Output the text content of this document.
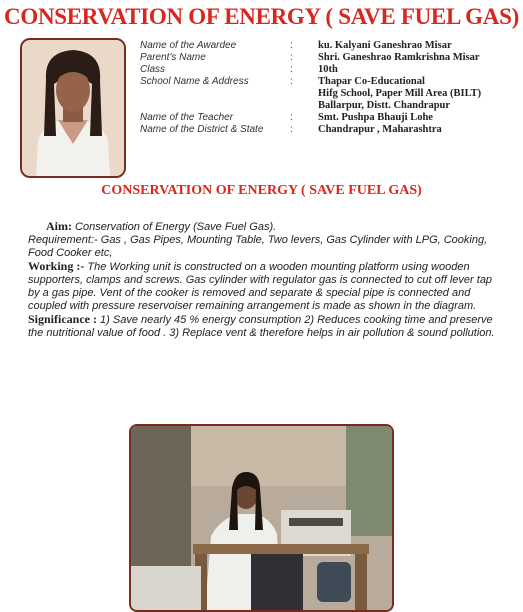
CONSERVATION OF ENERGY ( SAVE FUEL GAS)
Name of the Awardee	: ku. Kalyani Ganeshrao Misar
Parent's Name	: Shri. Ganeshrao Ramkrishna Misar
Class	: 10th
School Name & Address	: Thapar Co-Educational
Hifg School, Paper Mill Area (BILT)
Ballarpur, Distt. Chandrapur
Name of the Teacher	: Smt. Pushpa Bhauji Lohe
Name of the District & State	: Chandrapur , Maharashtra
CONSERVATION OF ENERGY ( SAVE FUEL GAS)

Aim: Conservation of Energy (Save Fuel Gas).

Requirement:- Gas , Gas Pipes, Mounting Table, Two levers, Gas Cylinder with LPG, Cooking, Food Cooker etc,

Working :- The Working unit is constructed on a wooden mounting platform using wooden supporters, clamps and screws. Gas cylinder with regulator gas is connected to cut off lever tap by a gas pipe. Vent of the cooker is removed and separate & special pipe is connected and coupled with pressure reservoiser remaining arrangement is made as shown in the diagram.

Significance : 1) Save nearly 45 % energy consumption 2) Reduces cooking time and preserve the nutritional value of food . 3) Replace vent & therefore helps in air pollution & sound pollution.
